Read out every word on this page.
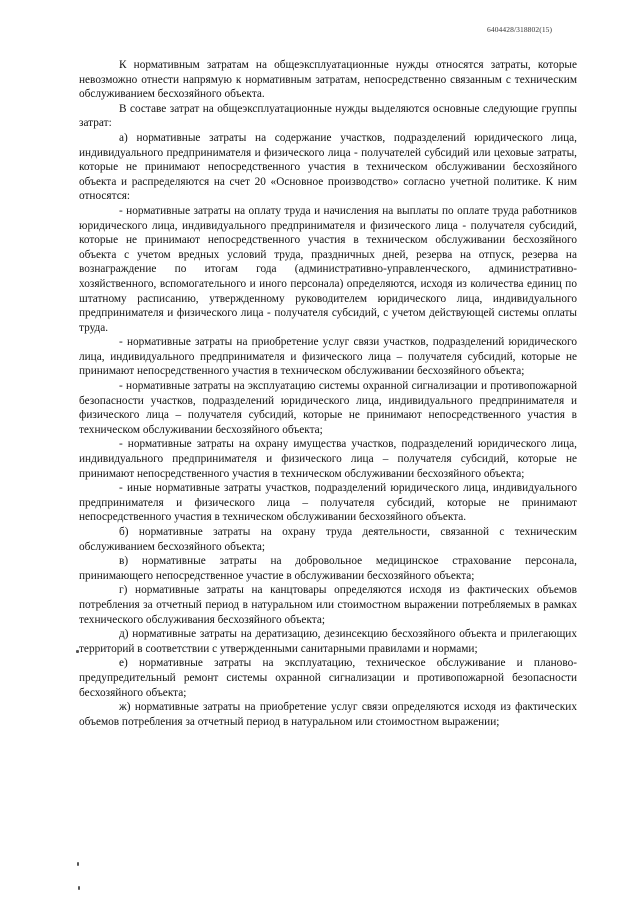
6404428/318802(15)

К нормативным затратам на общеэксплуатационные нужды относятся затраты, которые невозможно отнести напрямую к нормативным затратам, непосредственно связанным с техническим обслуживанием бесхозяйного объекта.

В составе затрат на общеэксплуатационные нужды выделяются основные следующие группы затрат:

а) нормативные затраты на содержание участков, подразделений юридического лица, индивидуального предпринимателя и физического лица - получателей субсидий или цеховые затраты, которые не принимают непосредственного участия в техническом обслуживании бесхозяйного объекта и распределяются на счет 20 «Основное производство» согласно учетной политике. К ним относятся:

- нормативные затраты на оплату труда и начисления на выплаты по оплате труда работников юридического лица, индивидуального предпринимателя и физического лица - получателя субсидий, которые не принимают непосредственного участия в техническом обслуживании бесхозяйного объекта с учетом вредных условий труда, праздничных дней, резерва на отпуск, резерва на вознаграждение по итогам года (административно-управленческого, административно-хозяйственного, вспомогательного и иного персонала) определяются, исходя из количества единиц по штатному расписанию, утвержденному руководителем юридического лица, индивидуального предпринимателя и физического лица - получателя субсидий, с учетом действующей системы оплаты труда.

- нормативные затраты на приобретение услуг связи участков, подразделений юридического лица, индивидуального предпринимателя и физического лица – получателя субсидий, которые не принимают непосредственного участия в техническом обслуживании бесхозяйного объекта;

- нормативные затраты на эксплуатацию системы охранной сигнализации и противопожарной безопасности участков, подразделений юридического лица, индивидуального предпринимателя и физического лица – получателя субсидий, которые не принимают непосредственного участия в техническом обслуживании бесхозяйного объекта;

- нормативные затраты на охрану имущества участков, подразделений юридического лица, индивидуального предпринимателя и физического лица – получателя субсидий, которые не принимают непосредственного участия в техническом обслуживании бесхозяйного объекта;

- иные нормативные затраты участков, подразделений юридического лица, индивидуального предпринимателя и физического лица – получателя субсидий, которые не принимают непосредственного участия в техническом обслуживании бесхозяйного объекта.

б) нормативные затраты на охрану труда деятельности, связанной с техническим обслуживанием бесхозяйного объекта;

в) нормативные затраты на добровольное медицинское страхование персонала, принимающего непосредственное участие в обслуживании бесхозяйного объекта;

г) нормативные затраты на канцтовары определяются исходя из фактических объемов потребления за отчетный период в натуральном или стоимостном выражении потребляемых в рамках технического обслуживания бесхозяйного объекта;

д) нормативные затраты на дератизацию, дезинсекцию бесхозяйного объекта и прилегающих территорий в соответствии с утвержденными санитарными правилами и нормами;

е) нормативные затраты на эксплуатацию, техническое обслуживание и планово-предупредительный ремонт системы охранной сигнализации и противопожарной безопасности бесхозяйного объекта;

ж) нормативные затраты на приобретение услуг связи определяются исходя из фактических объемов потребления за отчетный период в натуральном или стоимостном выражении;
